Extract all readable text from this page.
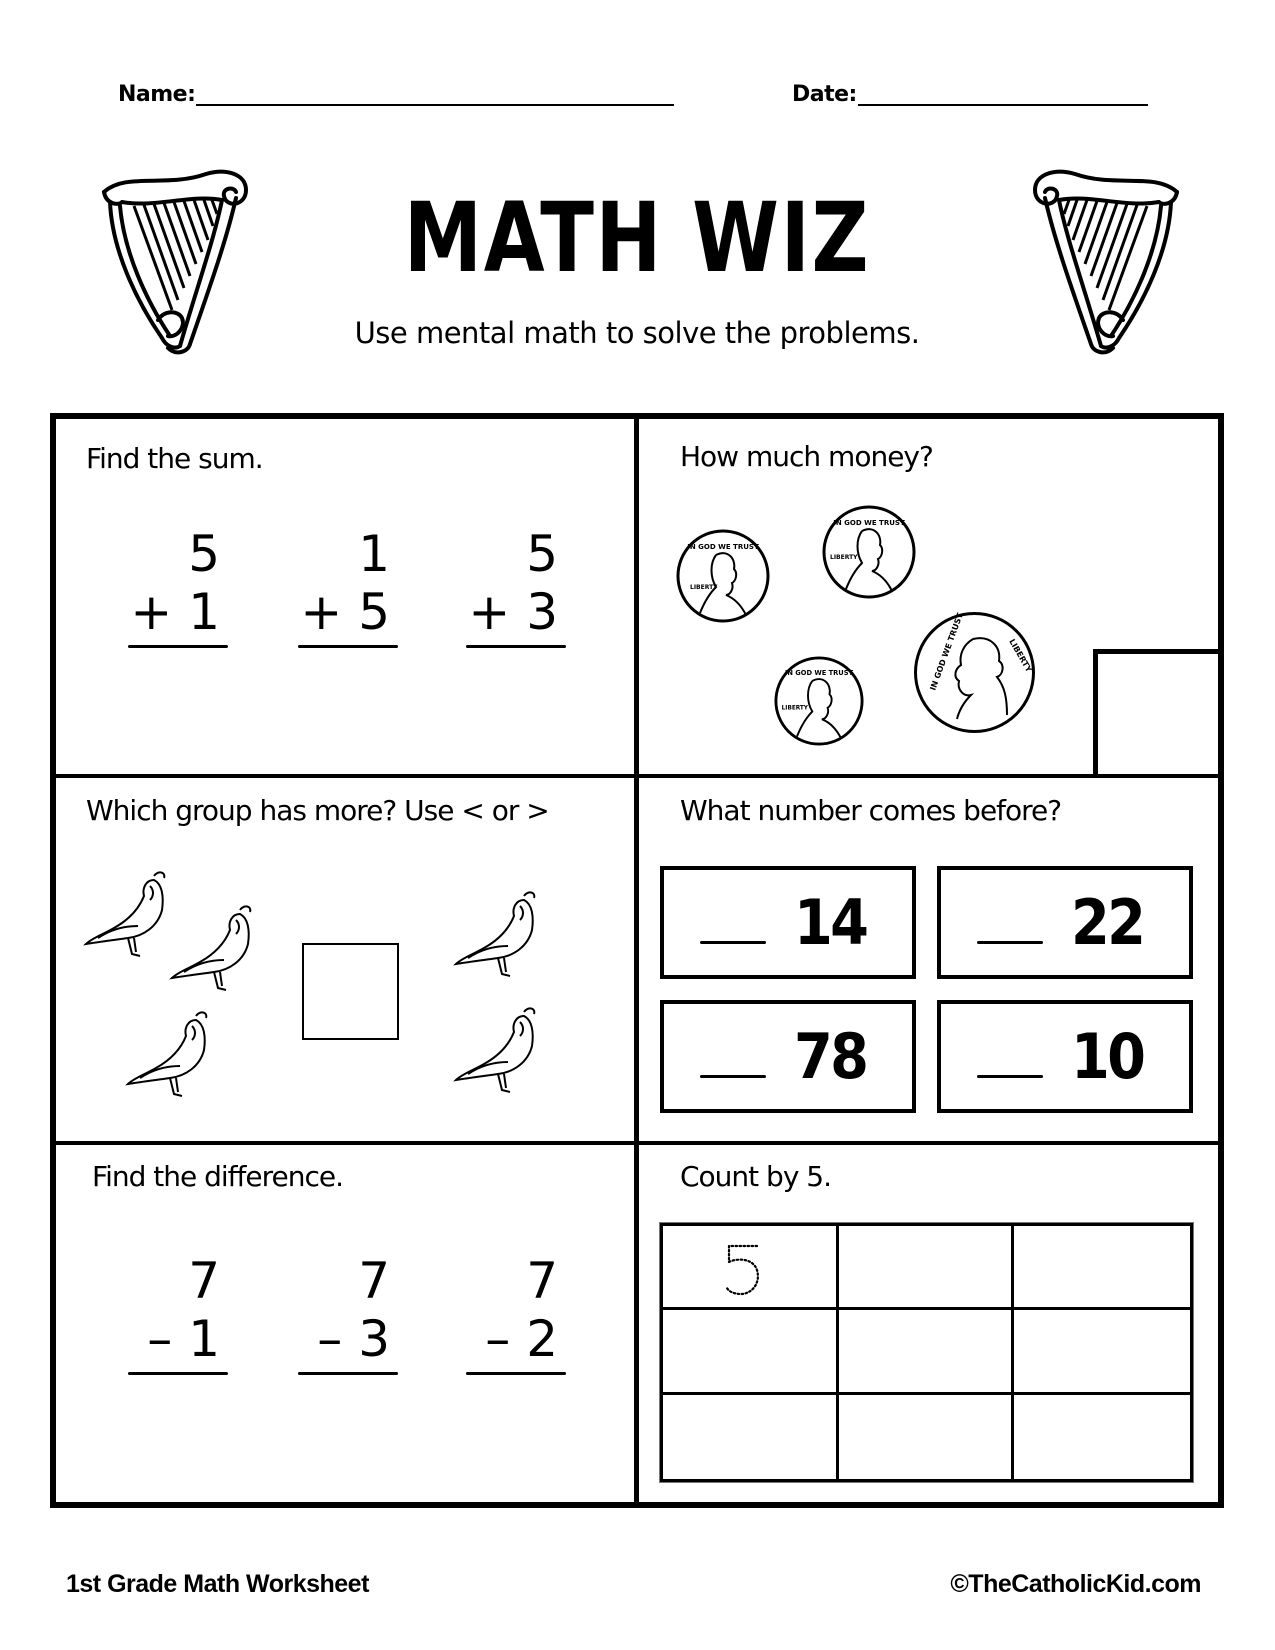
Name:	Date:
MATH WIZ
Use mental math to solve the problems.
Find the sum.
5
+ 1
1
+ 5
5
+ 3
How much money?
IN GOD WE TRUST
LIBERTY
IN GOD WE TRUST
LIBERTY
IN GOD WE TRUST
LIBERTY
IN GOD WE TRUST	LIBERTY
Which group has more? Use < or >	What number comes before?
14	22
78	10
Find the difference.
7
– 1
7
– 3
7
– 2
Count by 5.
1st Grade Math Worksheet	©TheCatholicKid.com
